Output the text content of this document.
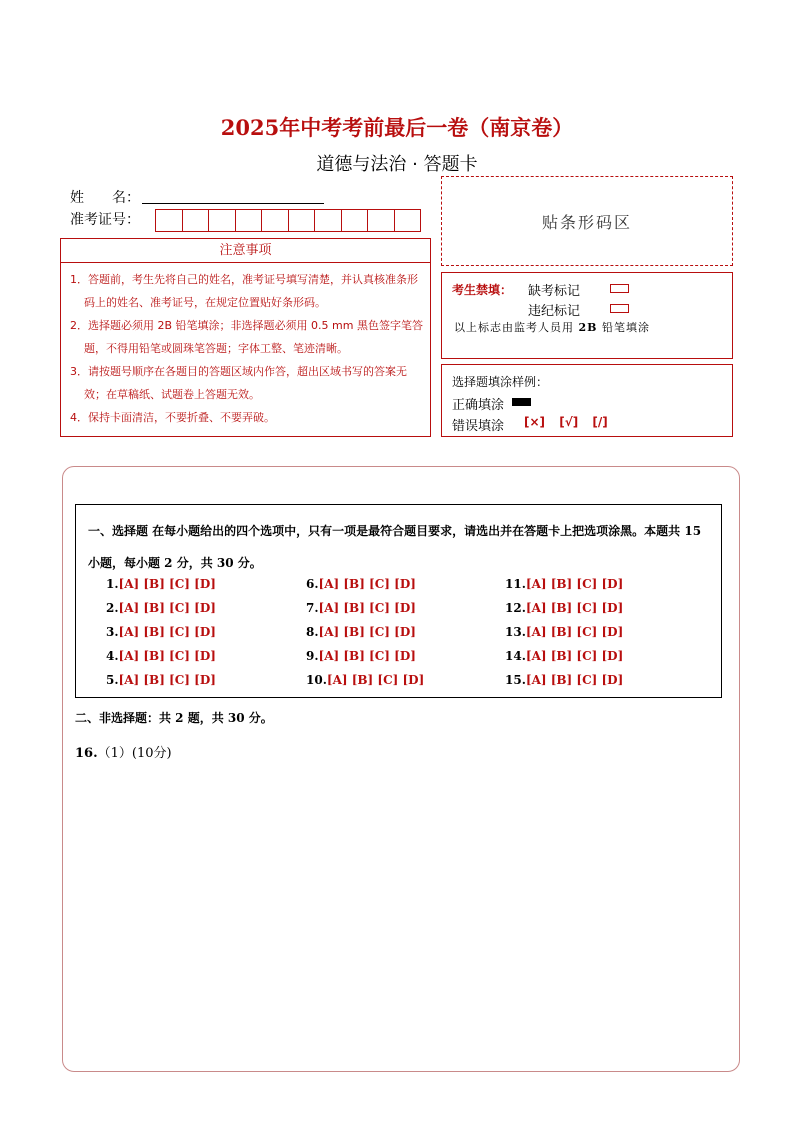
2025年中考考前最后一卷（南京卷）
道德与法治 · 答题卡
姓　　名：
准考证号：	贴条形码区
注意事项
1．答题前，考生先将自己的姓名，准考证号填写清楚，并认真核准条形码上的姓名、准考证号，在规定位置贴好条形码。
2．选择题必须用 2B 铅笔填涂；非选择题必须用 0.5 mm 黑色签字笔答题，不得用铅笔或圆珠笔答题；字体工整、笔迹清晰。
3．请按题号顺序在各题目的答题区域内作答，超出区域书写的答案无效；在草稿纸、试题卷上答题无效。
4．保持卡面清洁，不要折叠、不要弄破。
考生禁填： 缺考标记
违纪标记
以上标志由监考人员用 2B 铅笔填涂
选择题填涂样例：
正确填涂
错误填涂 [×] [√] [/]
一、选择题 在每小题给出的四个选项中，只有一项是最符合题目要求，请选出并在答题卡上把选项涂黑。本题共 15 小题，每小题 2 分，共 30 分。
1.[A] [B] [C] [D]
2.[A] [B] [C] [D]
3.[A] [B] [C] [D]
4.[A] [B] [C] [D]
5.[A] [B] [C] [D]
6.[A] [B] [C] [D]
7.[A] [B] [C] [D]
8.[A] [B] [C] [D]
9.[A] [B] [C] [D]
10.[A] [B] [C] [D]
11.[A] [B] [C] [D]
12.[A] [B] [C] [D]
13.[A] [B] [C] [D]
14.[A] [B] [C] [D]
15.[A] [B] [C] [D]
二、非选择题：共 2 题，共 30 分。
16.（1）(10分)
